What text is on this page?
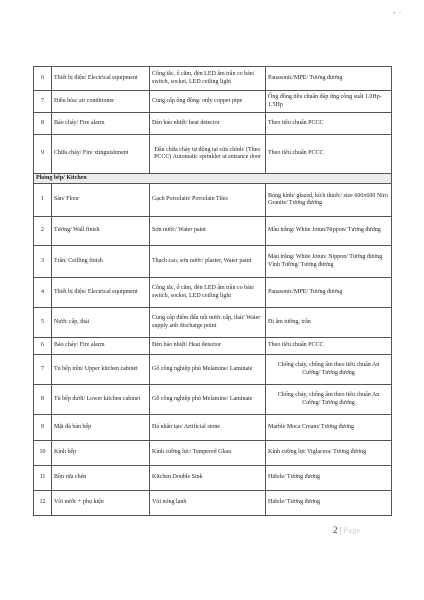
• ʼ
6	Thiết bị điện/ Electrical equipment	Công tắc, ổ cắm, đèn LED âm trần co bản/ switch, socket, LED ceiling light	Panasonic/MPE/ Tương đương
7	Điều hòa/ air conditioner	Cung cấp ống đồng/ only copper pipe	Ống đồng tiêu chuẩn đáp ứng công suất 1.0Hp- 1.5Hp
8	Báo cháy/ Fire alarm	Đèn báo nhiệt/ heat detector	Theo tiêu chuẩn PCCC
9	Chữa cháy/ Fire xtinguishment	Đầu chữa cháy tự động tại cửa chính/ (Theo PCCC) Automatic sprinkler at entrance door	Theo tiêu chuẩn PCCC
Phòng bếp/ Kitchen			
1	Sàn/ Floor	Gạch Porcelain/ Porcelain Tiles	Bóng kính/ glazed, kích thuớc/ size 600x600 Niro Granite/ Tương đương
2	Tường/ Wall finish	Sơn nước/ Water paint	Màu trắng/ White Jotun/Nippon/ Tương đương
3	Trần/ Ceilling finish	Thạch cao, sơn nước/ plaster, Water paint	Màu trắng/ White Jotun/ Nippon/ Tương đương Vĩnh Tường/ Tương đương
4	Thiết bị điện/ Electrical equipment	Công tắc, ổ cắm, đèn LED âm trần co bản/ switch, socket, LED ceiling light	Panasonic/MPE/ Tương đương
5	Nước cấp, thải	Cung cấp điểm đấu nối nước cấp, thải/ Water supply anh discharge point	Đi âm tường, trần
6	Báo cháy/ Fire alarm	Đèn báo nhiệt/ Heat detector	Theo tiêu chuẩn PCCC
7	Tủ bếp trên/ Upper kitchen cabinet	Gỗ công nghiệp phủ Melamine/ Laminate	Chống cháy, chống ẩm theo tiêu chuẩn An Cường/ Tương đương
8	Tủ bếp dưới/ Lower kitchen cabinet	Gỗ công nghiệp phủ Melamine/ Laminate	Chống cháy, chống ẩm theo tiêu chuẩn An Cường/ Tương đương
9	Mặt đá bàn bếp	Đá nhân tạo/ Artificial stone	Marble Moca Cream/ Tương đương
10	Kính bếp	Kính cường lực/ Tempered Glass	Kính cường lực Viglacera/ Tương đương
11	Bồn rửa chén	Kitchen Double Sink	Häfele/ Tương đương
12	Vòi nước + phụ kiện	Vòi nóng lạnh	Häfele/ Tương đương
2 | Page
